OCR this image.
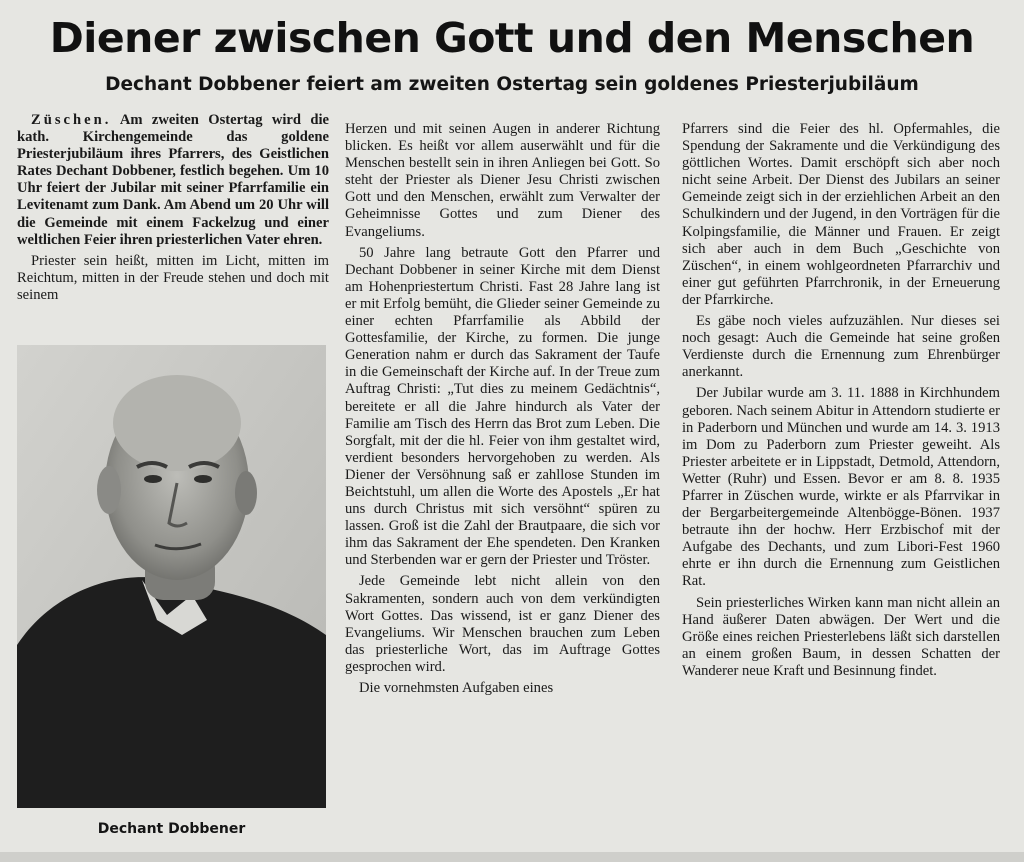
Diener zwischen Gott und den Menschen
Dechant Dobbener feiert am zweiten Ostertag sein goldenes Priesterjubiläum

Züschen. Am zweiten Ostertag wird die kath. Kirchengemeinde das goldene Priesterjubiläum ihres Pfarrers, des Geistlichen Rates Dechant Dobbener, festlich begehen. Um 10 Uhr feiert der Jubilar mit seiner Pfarrfamilie ein Levitenamt zum Dank. Am Abend um 20 Uhr will die Gemeinde mit einem Fackelzug und einer weltlichen Feier ihren priesterlichen Vater ehren.

Priester sein heißt, mitten im Licht, mitten im Reichtum, mitten in der Freude stehen und doch mit seinem

Dechant Dobbener

Herzen und mit seinen Augen in anderer Richtung blicken. Es heißt vor allem auserwählt und für die Menschen bestellt sein in ihren Anliegen bei Gott. So steht der Priester als Diener Jesu Christi zwischen Gott und den Menschen, erwählt zum Verwalter der Geheimnisse Gottes und zum Diener des Evangeliums.

50 Jahre lang betraute Gott den Pfarrer und Dechant Dobbener in seiner Kirche mit dem Dienst am Hohenpriestertum Christi. Fast 28 Jahre lang ist er mit Erfolg bemüht, die Glieder seiner Gemeinde zu einer echten Pfarrfamilie als Abbild der Gottesfamilie, der Kirche, zu formen. Die junge Generation nahm er durch das Sakrament der Taufe in die Gemeinschaft der Kirche auf. In der Treue zum Auftrag Christi: „Tut dies zu meinem Gedächtnis“, bereitete er all die Jahre hindurch als Vater der Familie am Tisch des Herrn das Brot zum Leben. Die Sorgfalt, mit der die hl. Feier von ihm gestaltet wird, verdient besonders hervorgehoben zu werden. Als Diener der Versöhnung saß er zahllose Stunden im Beichtstuhl, um allen die Worte des Apostels „Er hat uns durch Christus mit sich versöhnt“ spüren zu lassen. Groß ist die Zahl der Brautpaare, die sich vor ihm das Sakrament der Ehe spendeten. Den Kranken und Sterbenden war er gern der Priester und Tröster.

Jede Gemeinde lebt nicht allein von den Sakramenten, sondern auch von dem verkündigten Wort Gottes. Das wissend, ist er ganz Diener des Evangeliums. Wir Menschen brauchen zum Leben das priesterliche Wort, das im Auftrage Gottes gesprochen wird.

Die vornehmsten Aufgaben eines

Pfarrers sind die Feier des hl. Opfermahles, die Spendung der Sakramente und die Verkündigung des göttlichen Wortes. Damit erschöpft sich aber noch nicht seine Arbeit. Der Dienst des Jubilars an seiner Gemeinde zeigt sich in der erziehlichen Arbeit an den Schulkindern und der Jugend, in den Vorträgen für die Kolpingsfamilie, die Männer und Frauen. Er zeigt sich aber auch in dem Buch „Geschichte von Züschen“, in einem wohlgeordneten Pfarrarchiv und einer gut geführten Pfarrchronik, in der Erneuerung der Pfarrkirche.

Es gäbe noch vieles aufzuzählen. Nur dieses sei noch gesagt: Auch die Gemeinde hat seine großen Verdienste durch die Ernennung zum Ehrenbürger anerkannt.

Der Jubilar wurde am 3. 11. 1888 in Kirchhundem geboren. Nach seinem Abitur in Attendorn studierte er in Paderborn und München und wurde am 14. 3. 1913 im Dom zu Paderborn zum Priester geweiht. Als Priester arbeitete er in Lippstadt, Detmold, Attendorn, Wetter (Ruhr) und Essen. Bevor er am 8. 8. 1935 Pfarrer in Züschen wurde, wirkte er als Pfarrvikar in der Bergarbeitergemeinde Altenbögge-Bönen. 1937 betraute ihn der hochw. Herr Erzbischof mit der Aufgabe des Dechants, und zum Libori-Fest 1960 ehrte er ihn durch die Ernennung zum Geistlichen Rat.

Sein priesterliches Wirken kann man nicht allein an Hand äußerer Daten abwägen. Der Wert und die Größe eines reichen Priesterlebens läßt sich darstellen an einem großen Baum, in dessen Schatten der Wanderer neue Kraft und Besinnung findet.
